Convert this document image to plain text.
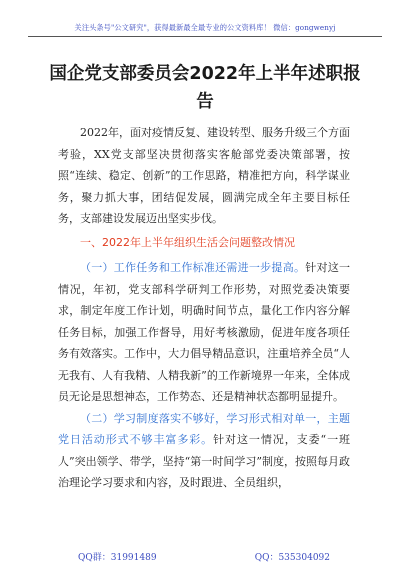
关注头条号"公文研究"，获得最新最全最专业的公文资料库！ 微信：gongwenyj
国企党支部委员会2022年上半年述职报告

2022年，面对疫情反复、建设转型、服务升级三个方面考验，XX党支部坚决贯彻落实客舱部党委决策部署，按照“连续、稳定、创新”的工作思路，精准把方向，科学谋业务，聚力抓大事，团结促发展，圆满完成全年主要目标任务，支部建设发展迈出坚实步伐。

一、2022年上半年组织生活会问题整改情况

（一）工作任务和工作标准还需进一步提高。针对这一情况，年初，党支部科学研判工作形势，对照党委决策要求，制定年度工作计划，明确时间节点，量化工作内容分解任务目标，加强工作督导，用好考核激励，促进年度各项任务有效落实。工作中，大力倡导精品意识，注重培养全员“人无我有、人有我精、人精我新”的工作新境界一年来，全体成员无论是思想神态，工作势态、还是精神状态都明显提升。

（二）学习制度落实不够好，学习形式相对单一，主题党日活动形式不够丰富多彩。针对这一情况，支委“一班人”突出领学、带学，坚持“第一时间学习”制度，按照每月政治理论学习要求和内容，及时跟进、全员组织，

QQ群：31991489	QQ：535304092
